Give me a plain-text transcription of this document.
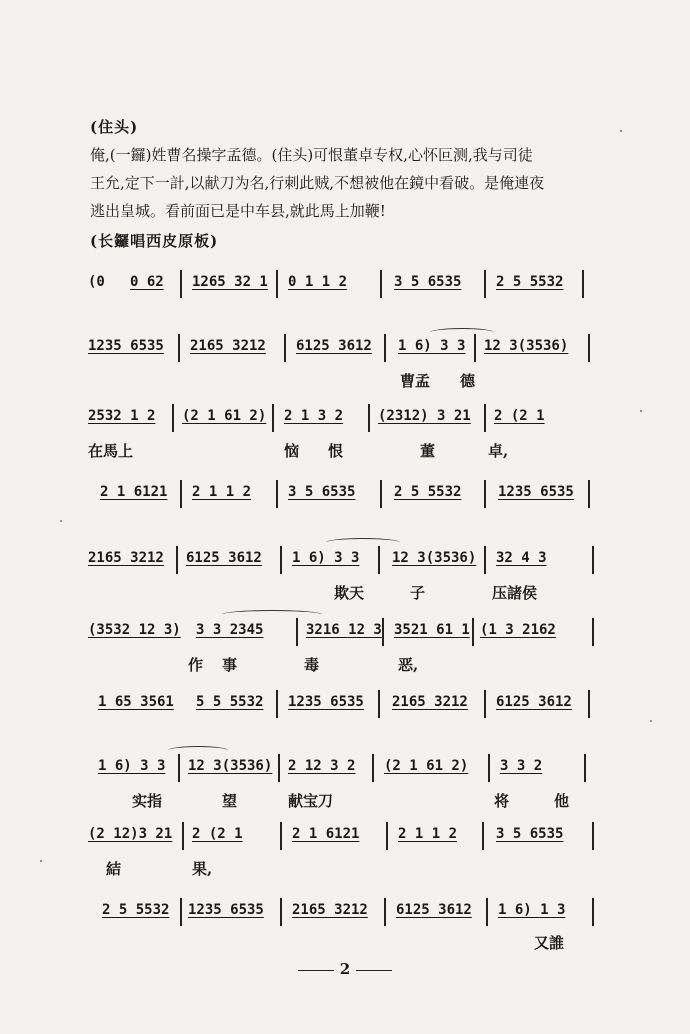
(住头)
俺,(一鑼)姓曹名操字孟德。(住头)可恨董卓专权,心怀叵测,我与司徒
王允,定下一計,以献刀为名,行刺此贼,不想被他在鏡中看破。是俺連夜
逃出皇城。看前面已是中车县,就此馬上加鞭!
(长鑼唱西皮原板)
(0 0 62 1265 32 1 0 1 1 2	3 5 6535 2 5 5532
1235 6535 2165 3212 6125 3612 1 6) 3 3 12 3(3536)
曹孟 德
2532 1 2 (2 1 61 2) 2 1 3 2 (2312) 3 21 2 (2 1
在馬上	恼 恨	董	卓,
2 1 6121 2 1 1 2	3 5 6535	2 5 5532	1235 6535
2165 3212 6125 3612 1 6) 3 3 12 3(3536) 32 4 3
欺天	子	压諸侯
(3532 12 3) 3 3 2345	3216 12 3 3521 61 1 (1 3 2162
作 事	毒	恶,
1 65 3561 5 5 5532 1235 6535 2165 3212 6125 3612
1 6) 3 3 12 3(3536) 2 12 3 2 (2 1 61 2) 3 3 2
实指	望	献宝刀	将	他
(2 12)3 21 2 (2 1	2 1 6121	2 1 1 2	3 5 6535
結	果,
2 5 5532 1235 6535 2165 3212 6125 3612 1 6) 1 3
又誰
2
